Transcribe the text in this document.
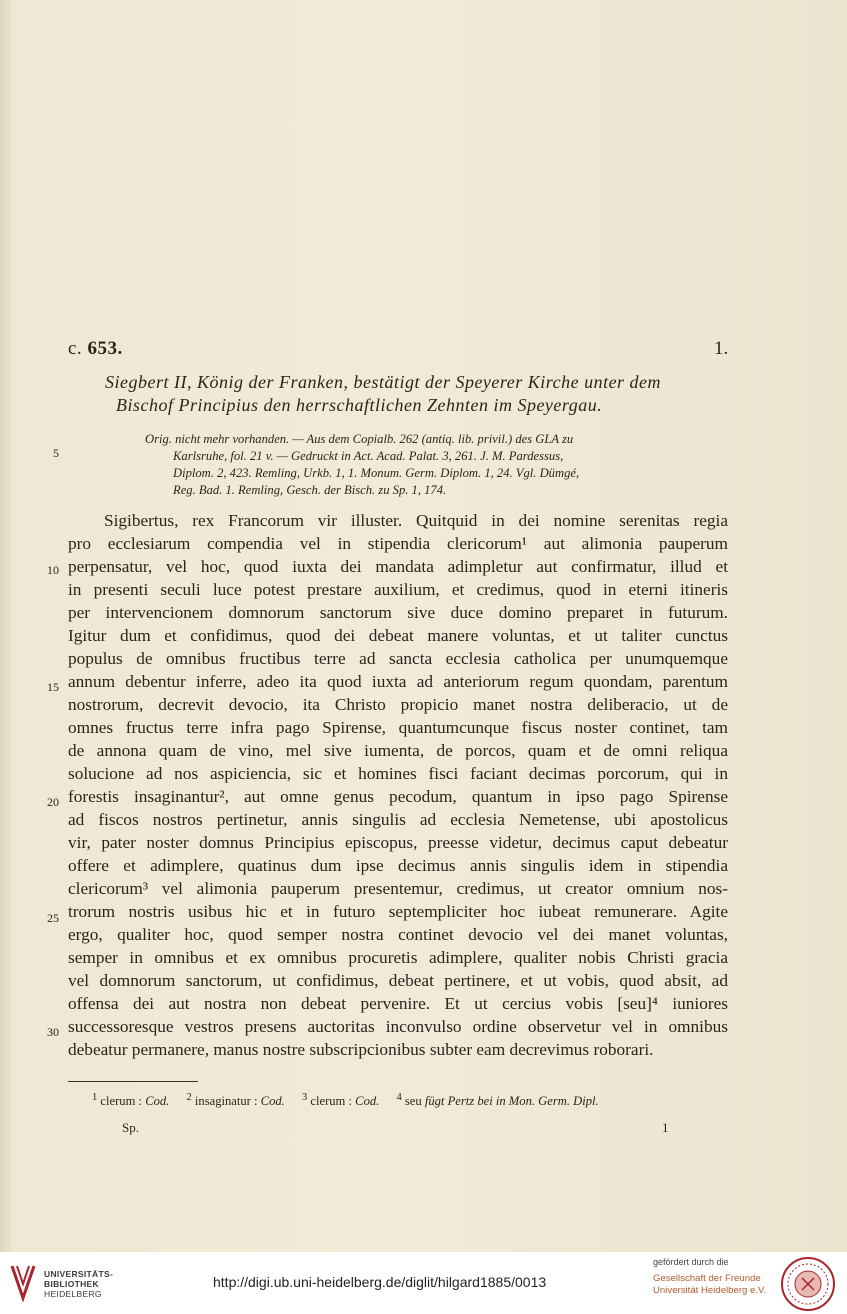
c. 653.	1.
Siegbert II, König der Franken, bestätigt der Speyerer Kirche unter dem
Bischof Principius den herrschaftlichen Zehnten im Speyergau.
Orig. nicht mehr vorhanden. — Aus dem Copialb. 262 (antiq. lib. privil.) des GLA zu
Karlsruhe, fol. 21 v. — Gedruckt in Act. Acad. Palat. 3, 261. J. M. Pardessus,
Diplom. 2, 423. Remling, Urkb. 1, 1. Monum. Germ. Diplom. 1, 24. Vgl. Dümgé,
Reg. Bad. 1. Remling, Gesch. der Bisch. zu Sp. 1, 174.
5
10
15
20
25
30
Sigibertus, rex Francorum vir illuster. Quitquid in dei nomine serenitas regia
pro ecclesiarum compendia vel in stipendia clericorum¹ aut alimonia pauperum
perpensatur, vel hoc, quod iuxta dei mandata adimpletur aut confirmatur, illud et
in presenti seculi luce potest prestare auxilium, et credimus, quod in eterni itineris
per intervencionem domnorum sanctorum sive duce domino preparet in futurum.
Igitur dum et confidimus, quod dei debeat manere voluntas, et ut taliter cunctus
populus de omnibus fructibus terre ad sancta ecclesia catholica per unumquemque
annum debentur inferre, adeo ita quod iuxta ad anteriorum regum quondam, parentum
nostrorum, decrevit devocio, ita Christo propicio manet nostra deliberacio, ut de
omnes fructus terre infra pago Spirense, quantumcunque fiscus noster continet, tam
de annona quam de vino, mel sive iumenta, de porcos, quam et de omni reliqua
solucione ad nos aspiciencia, sic et homines fisci faciant decimas porcorum, qui in
forestis insaginantur², aut omne genus pecodum, quantum in ipso pago Spirense
ad fiscos nostros pertinetur, annis singulis ad ecclesia Nemetense, ubi apostolicus
vir, pater noster domnus Principius episcopus, preesse videtur, decimus caput debeatur
offere et adimplere, quatinus dum ipse decimus annis singulis idem in stipendia
clericorum³ vel alimonia pauperum presentemur, credimus, ut creator omnium nos-
trorum nostris usibus hic et in futuro septempliciter hoc iubeat remunerare. Agite
ergo, qualiter hoc, quod semper nostra continet devocio vel dei manet voluntas,
semper in omnibus et ex omnibus procuretis adimplere, qualiter nobis Christi gracia
vel domnorum sanctorum, ut confidimus, debeat pertinere, et ut vobis, quod absit, ad
offensa dei aut nostra non debeat pervenire. Et ut cercius vobis [seu]⁴ iuniores
successoresque vestros presens auctoritas inconvulso ordine observetur vel in omnibus
debeatur permanere, manus nostre subscripcionibus subter eam decrevimus roborari.
$^1$ clerum : Cod. $^2$ insaginatur : Cod. $^3$ clerum : Cod. $^4$ seu fügt Pertz bei in Mon. Germ. Dipl.
Sp.	1
UNIVERSITÄTS-
BIBLIOTHEK
HEIDELBERG
http://digi.ub.uni-heidelberg.de/diglit/hilgard1885/0013
gefördert durch die
Gesellschaft der Freunde
Universität Heidelberg e.V.
